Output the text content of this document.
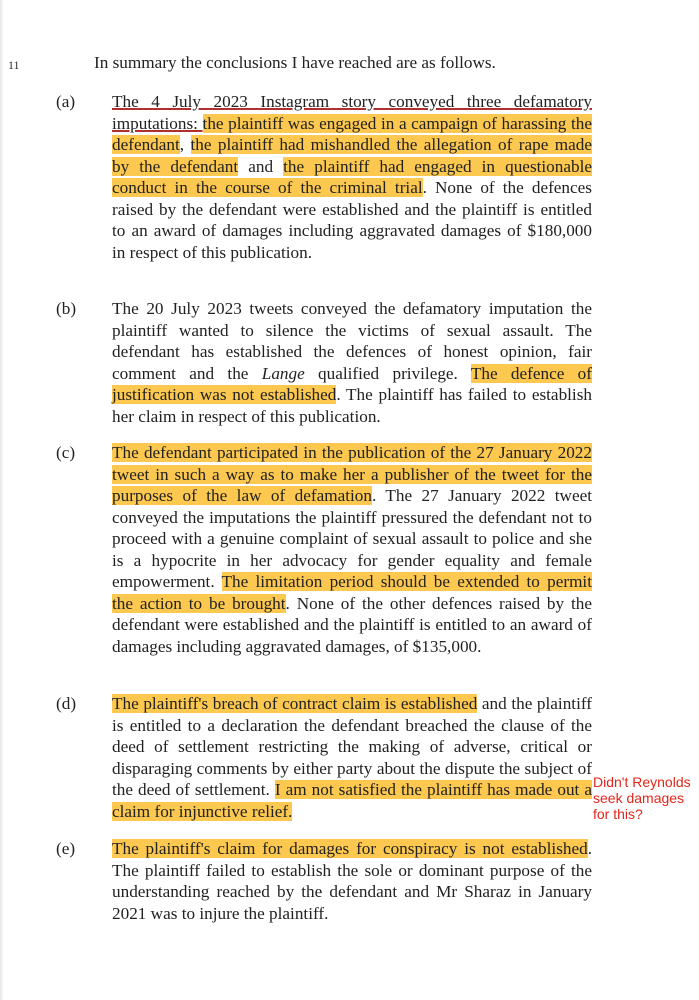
11	In summary the conclusions I have reached are as follows.
(a) The 4 July 2023 Instagram story conveyed three defamatory imputations: the plaintiff was engaged in a campaign of harassing the defendant, the plaintiff had mishandled the allegation of rape made by the defendant and the plaintiff had engaged in questionable conduct in the course of the criminal trial. None of the defences raised by the defendant were established and the plaintiff is entitled to an award of damages including aggravated damages of $180,000 in respect of this publication.
(b) The 20 July 2023 tweets conveyed the defamatory imputation the plaintiff wanted to silence the victims of sexual assault. The defendant has established the defences of honest opinion, fair comment and the Lange qualified privilege. The defence of justification was not established. The plaintiff has failed to establish her claim in respect of this publication.
(c) The defendant participated in the publication of the 27 January 2022 tweet in such a way as to make her a publisher of the tweet for the purposes of the law of defamation. The 27 January 2022 tweet conveyed the imputations the plaintiff pressured the defendant not to proceed with a genuine complaint of sexual assault to police and she is a hypocrite in her advocacy for gender equality and female empowerment. The limitation period should be extended to permit the action to be brought. None of the other defences raised by the defendant were established and the plaintiff is entitled to an award of damages including aggravated damages, of $135,000.
(d) The plaintiff's breach of contract claim is established and the plaintiff is entitled to a declaration the defendant breached the clause of the deed of settlement restricting the making of adverse, critical or disparaging comments by either party about the dispute the subject of the deed of settlement. I am not satisfied the plaintiff has made out a claim for injunctive relief.
(e) The plaintiff's claim for damages for conspiracy is not established. The plaintiff failed to establish the sole or dominant purpose of the understanding reached by the defendant and Mr Sharaz in January 2021 was to injure the plaintiff.
Didn't Reynolds seek damages for this?
